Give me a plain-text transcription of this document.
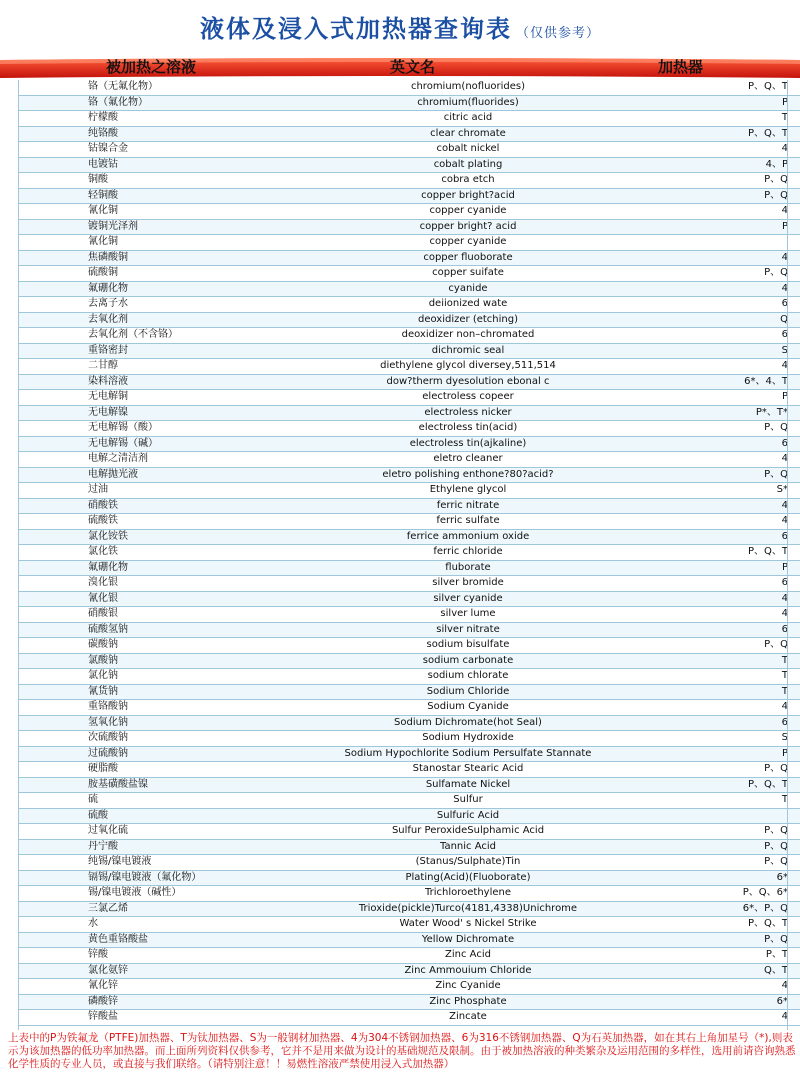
液体及浸入式加热器查询表 （仅供参考）
被加热之溶液	英文名	加热器
铬（无氟化物）	chromium(nofluorides)	P、Q、T
铬（氟化物）	chromium(fluorides)	P
柠檬酸	citric acid	T
纯铬酸	clear chromate	P、Q、T
钴镍合金	cobalt nickel	4
电镀钴	cobalt plating	4、P
铜酸	cobra etch	P、Q
轻铜酸	copper bright?acid	P、Q
氰化铜	copper cyanide	4
镀铜光泽剂	copper bright? acid	P
氰化铜	copper cyanide	
焦磷酸铜	copper fluoborate	4
硫酸铜	copper suifate	P、Q
氟硼化物	cyanide	4
去离子水	deiionized wate	6
去氧化剂	deoxidizer (etching)	Q
去氧化剂（不含铬）	deoxidizer non–chromated	6
重铬密封	dichromic seal	S
二甘醇	diethylene glycol diversey,511,514	4
染料溶液	dow?therm dyesolution ebonal c	6*、4、T
无电解铜	electroless copeer	P
无电解镍	electroless nicker	P*、T*
无电解锡（酸）	electroless tin(acid)	P、Q
无电解锡（碱）	electroless tin(ajkaline)	6
电解之清洁剂	eletro cleaner	4
电解抛光液	eletro polishing enthone?80?acid?	P、Q
过油	Ethylene glycol	S*
硝酸铁	ferric nitrate	4
硫酸铁	ferric sulfate	4
氯化铵铁	ferrice ammonium oxide	6
氯化铁	ferric chloride	P、Q、T
氟硼化物	fluborate	P
溴化银	silver bromide	6
氰化银	silver cyanide	4
硝酸银	silver lume	4
硫酸氢钠	silver nitrate	6
碳酸钠	sodium bisulfate	P、Q
氯酸钠	sodium carbonate	T
氯化钠	sodium chlorate	T
氰货钠	Sodium Chloride	T
重铬酸钠	Sodium Cyanide	4
氢氧化钠	Sodium Dichromate(hot Seal)	6
次硫酸钠	Sodium Hydroxide	S
过硫酸钠	Sodium Hypochlorite Sodium Persulfate Stannate	P
硬脂酸	Stanostar Stearic Acid	P、Q
胺基磺酸盐镍	Sulfamate Nickel	P、Q、T
硫	Sulfur	T
硫酸	Sulfuric Acid	
过氧化硫	Sulfur PeroxideSulphamic Acid	P、Q
丹宁酸	Tannic Acid	P、Q
纯锡/镍电镀液	(Stanus/Sulphate)Tin	P、Q
镉锡/镍电镀液（氟化物）	Plating(Acid)(Fluoborate)	6*
锡/镍电镀液（碱性）	Trichloroethylene	P、Q、6*
三氯乙烯	Trioxide(pickle)Turco(4181,4338)Unichrome	6*、P、Q
水	Water Wood' s Nickel Strike	P、Q、T
黄色重铬酸盐	Yellow Dichromate	P、Q
锌酸	Zinc Acid	P、T
氯化氨锌	Zinc Ammouium Chloride	Q、T
氰化锌	Zinc Cyanide	4
磷酸锌	Zinc Phosphate	6*
锌酸盐	Zincate	4
上表中的P为铁氟龙（PTFE)加热器、T为钛加热器、S为一般钢材加热器、4为304不锈钢加热器、6为316不锈钢加热器、Q为石英加热器，如在其右上角加星号（*),则表示为该加热器的低功率加热器。而上面所列资料仅供参考，它并不是用来做为设计的基础规范及限制。由于被加热溶液的种类繁杂及运用范围的多样性，选用前请咨询熟悉化学性质的专业人员，或直接与我们联络。（请特别注意！！易燃性溶液严禁使用浸入式加热器）
